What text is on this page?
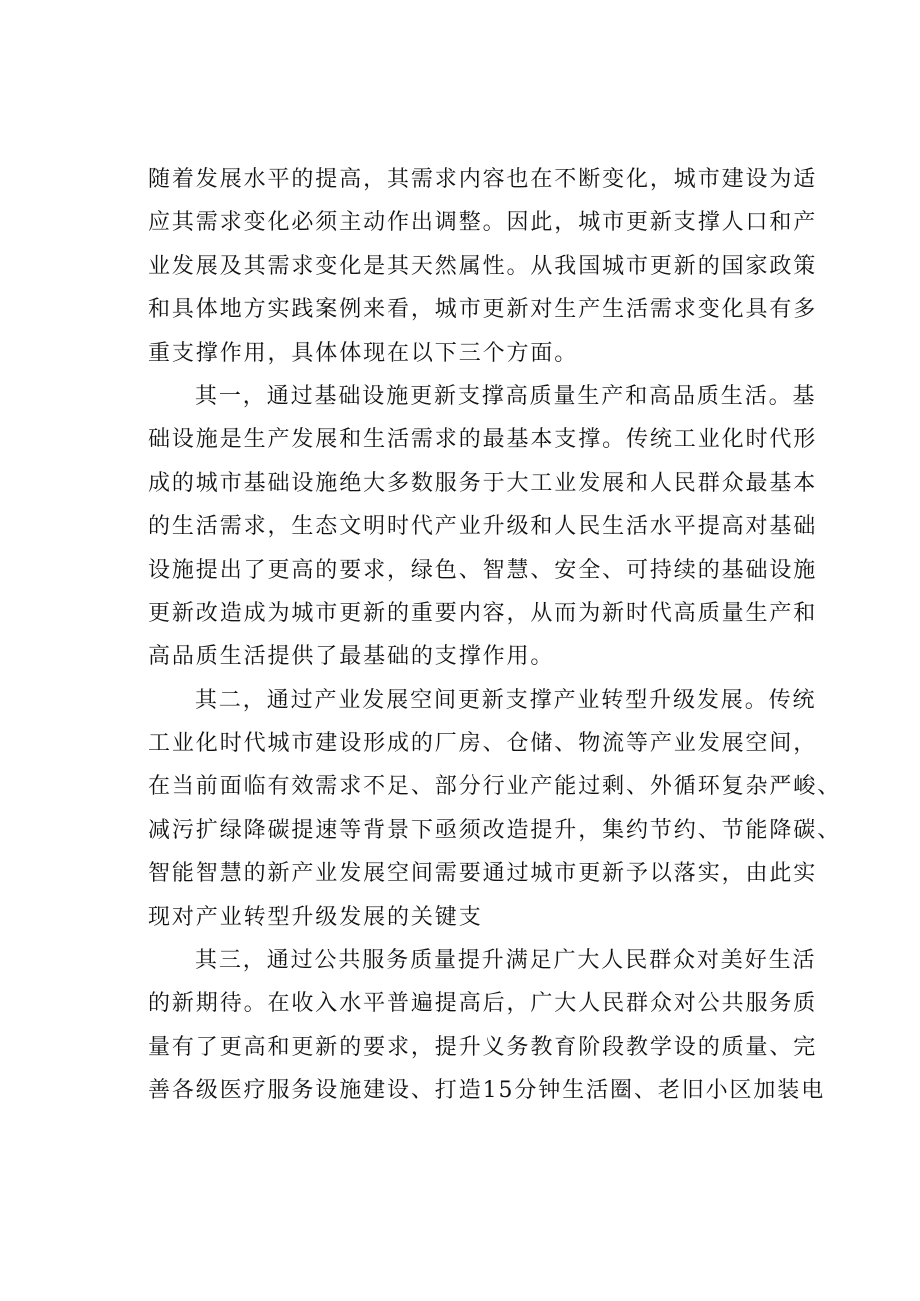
随着发展水平的提高，其需求内容也在不断变化，城市建设为适
应其需求变化必须主动作出调整。因此，城市更新支撑人口和产
业发展及其需求变化是其天然属性。从我国城市更新的国家政策
和具体地方实践案例来看，城市更新对生产生活需求变化具有多
重支撑作用，具体体现在以下三个方面。
其一，通过基础设施更新支撑高质量生产和高品质生活。基
础设施是生产发展和生活需求的最基本支撑。传统工业化时代形
成的城市基础设施绝大多数服务于大工业发展和人民群众最基本
的生活需求，生态文明时代产业升级和人民生活水平提高对基础
设施提出了更高的要求，绿色、智慧、安全、可持续的基础设施
更新改造成为城市更新的重要内容，从而为新时代高质量生产和
高品质生活提供了最基础的支撑作用。
其二，通过产业发展空间更新支撑产业转型升级发展。传统
工业化时代城市建设形成的厂房、仓储、物流等产业发展空间，
在当前面临有效需求不足、部分行业产能过剩、外循环复杂严峻、
减污扩绿降碳提速等背景下亟须改造提升，集约节约、节能降碳、
智能智慧的新产业发展空间需要通过城市更新予以落实，由此实
现对产业转型升级发展的关键支
其三，通过公共服务质量提升满足广大人民群众对美好生活
的新期待。在收入水平普遍提高后，广大人民群众对公共服务质
量有了更高和更新的要求，提升义务教育阶段教学设的质量、完
善各级医疗服务设施建设、打造15分钟生活圈、老旧小区加装电
